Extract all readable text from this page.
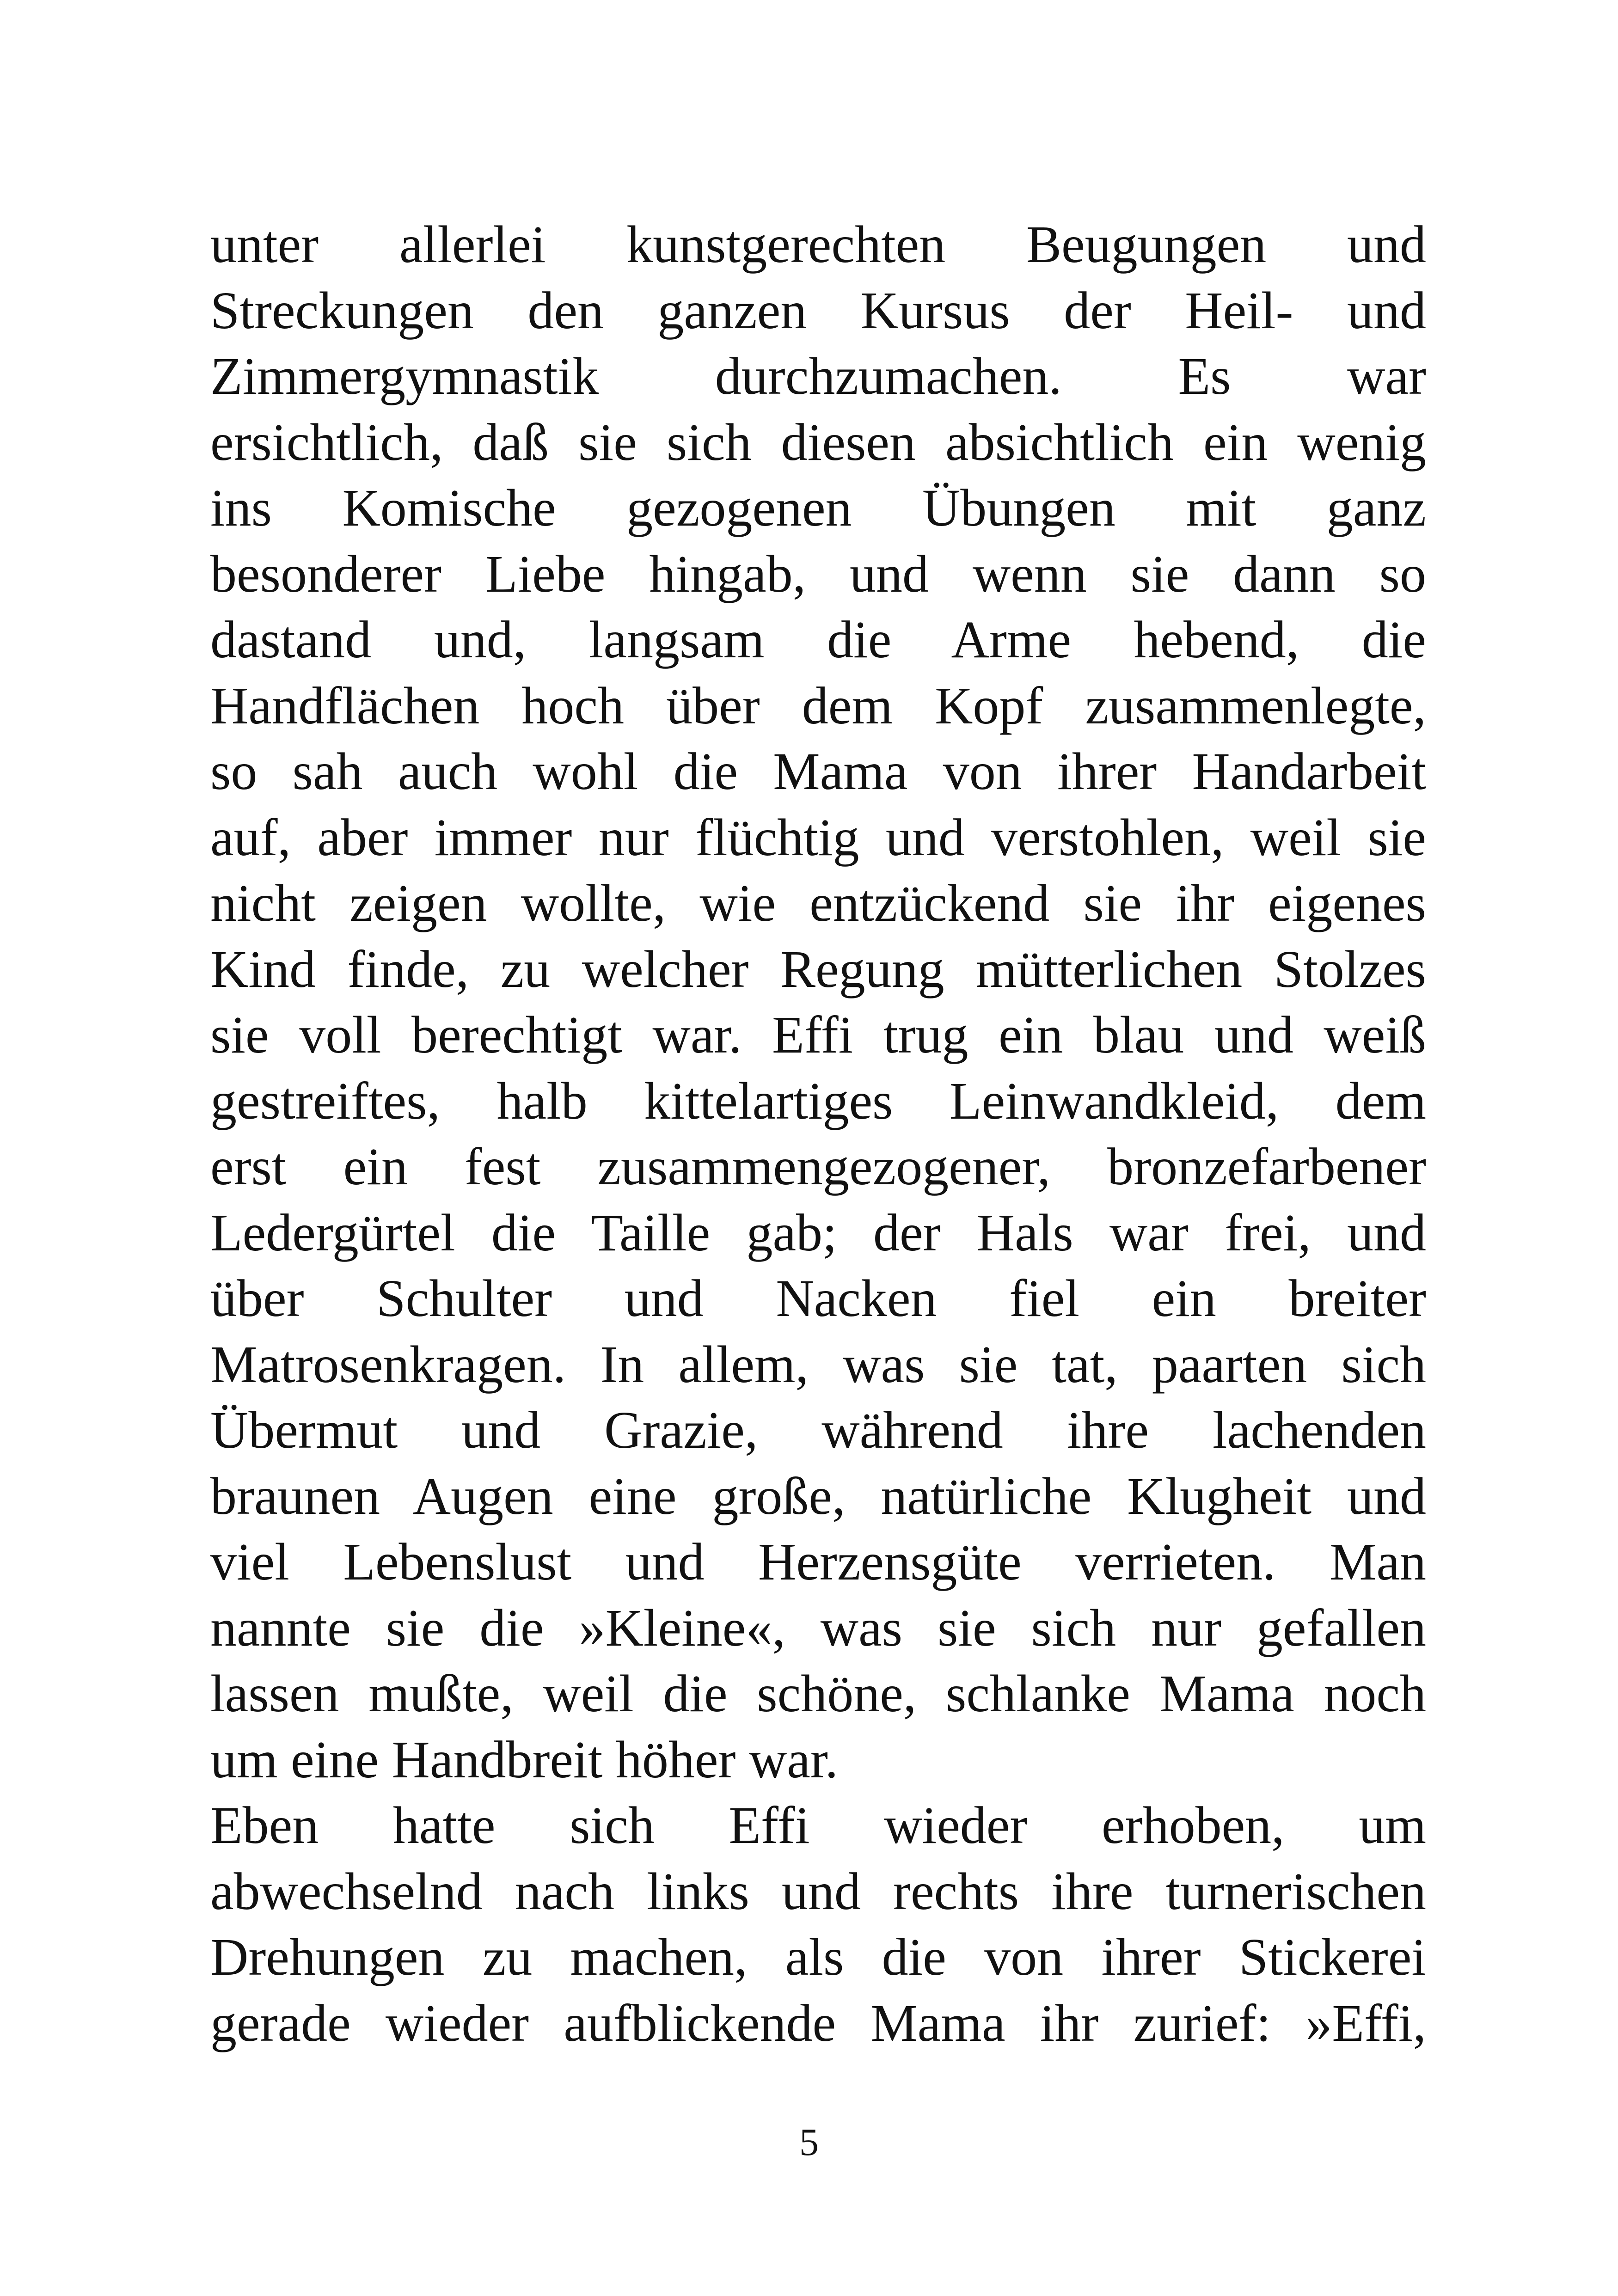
unter allerlei kunstgerechten Beugungen und
Streckungen den ganzen Kursus der Heil- und
Zimmergymnastik durchzumachen. Es war
ersichtlich, daß sie sich diesen absichtlich ein wenig
ins Komische gezogenen Übungen mit ganz
besonderer Liebe hingab, und wenn sie dann so
dastand und, langsam die Arme hebend, die
Handflächen hoch über dem Kopf zusammenlegte,
so sah auch wohl die Mama von ihrer Handarbeit
auf, aber immer nur flüchtig und verstohlen, weil sie
nicht zeigen wollte, wie entzückend sie ihr eigenes
Kind finde, zu welcher Regung mütterlichen Stolzes
sie voll berechtigt war. Effi trug ein blau und weiß
gestreiftes, halb kittelartiges Leinwandkleid, dem
erst ein fest zusammengezogener, bronzefarbener
Ledergürtel die Taille gab; der Hals war frei, und
über Schulter und Nacken fiel ein breiter
Matrosenkragen. In allem, was sie tat, paarten sich
Übermut und Grazie, während ihre lachenden
braunen Augen eine große, natürliche Klugheit und
viel Lebenslust und Herzensgüte verrieten. Man
nannte sie die »Kleine«, was sie sich nur gefallen
lassen mußte, weil die schöne, schlanke Mama noch
um eine Handbreit höher war.
Eben hatte sich Effi wieder erhoben, um
abwechselnd nach links und rechts ihre turnerischen
Drehungen zu machen, als die von ihrer Stickerei
gerade wieder aufblickende Mama ihr zurief: »Effi,
5
